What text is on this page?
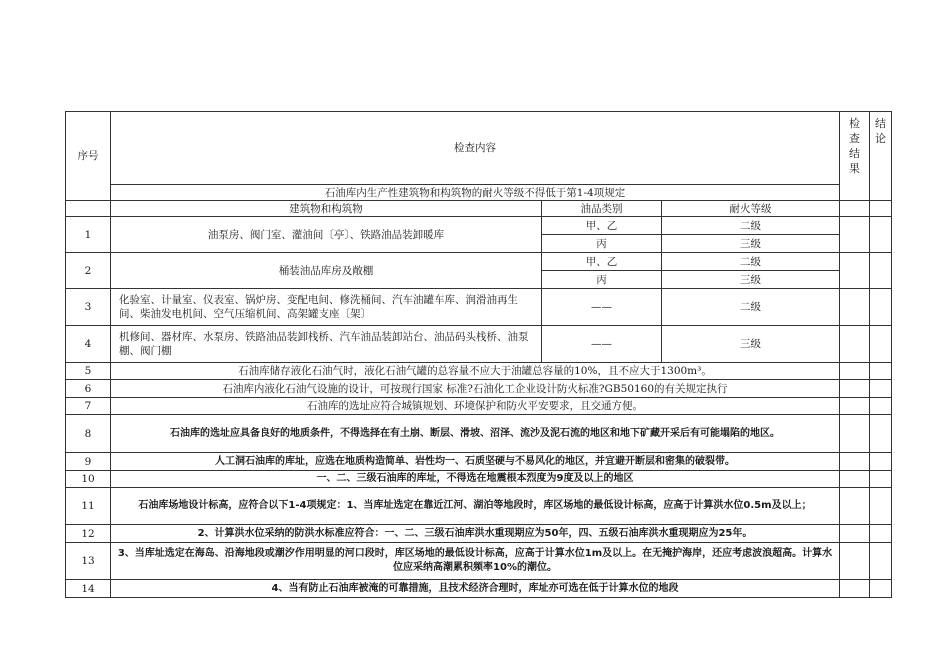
序号	检查内容			检查结果	结论
	石油库内生产性建筑物和构筑物的耐火等级不得低于第1-4项规定				
	建筑物和构筑物	油品类别	耐火等级		
1	油泵房、阀门室、灌油间〔亭〕、铁路油品装卸暖库	甲、乙	二级		
		丙	三级		
2	桶装油品库房及敞棚	甲、乙	二级		
		丙	三级		
3	化验室、计量室、仪表室、锅炉房、变配电间、修洗桶间、汽车油罐车库、润滑油再生间、柴油发电机间、空气压缩机间、高架罐支座〔架〕	——	二级		
4	机修间、器材库、水泵房、铁路油品装卸栈桥、汽车油品装卸站台、油品码头栈桥、油泵棚、阀门棚	——	三级		
5	石油库储存液化石油气时，液化石油气罐的总容量不应大于油罐总容量的10%，且不应大于1300m³。				
6	石油库内液化石油气设施的设计，可按现行国家 标准?石油化工企业设计防火标准?GB50160的有关规定执行				
7	石油库的选址应符合城镇规划、环境保护和防火平安要求，且交通方便。				
8	石油库的选址应具备良好的地质条件，不得选择在有土崩、断层、滑坡、沼泽、流沙及泥石流的地区和地下矿藏开采后有可能塌陷的地区。				
9	人工洞石油库的库址，应选在地质构造简单、岩性均一、石质坚硬与不易风化的地区，并宜避开断层和密集的破裂带。				
10	一、二、三级石油库的库址，不得选在地震根本烈度为9度及以上的地区				
11	石油库场地设计标高，应符合以下1-4项规定：1、当库址选定在靠近江河、湖泊等地段时，库区场地的最低设计标高，应高于计算洪水位0.5m及以上；				
12	2、计算洪水位采纳的防洪水标准应符合：一、二、三级石油库洪水重现期应为50年，四、五级石油库洪水重现期应为25年。				
13	3、当库址选定在海岛、沿海地段或潮汐作用明显的河口段时，库区场地的最低设计标高，应高于计算水位1m及以上。在无掩护海岸，还应考虑波浪超高。计算水位应采纳高潮累积频率10%的潮位。				
14	4、当有防止石油库被淹的可靠措施，且技术经济合理时，库址亦可选在低于计算水位的地段				
